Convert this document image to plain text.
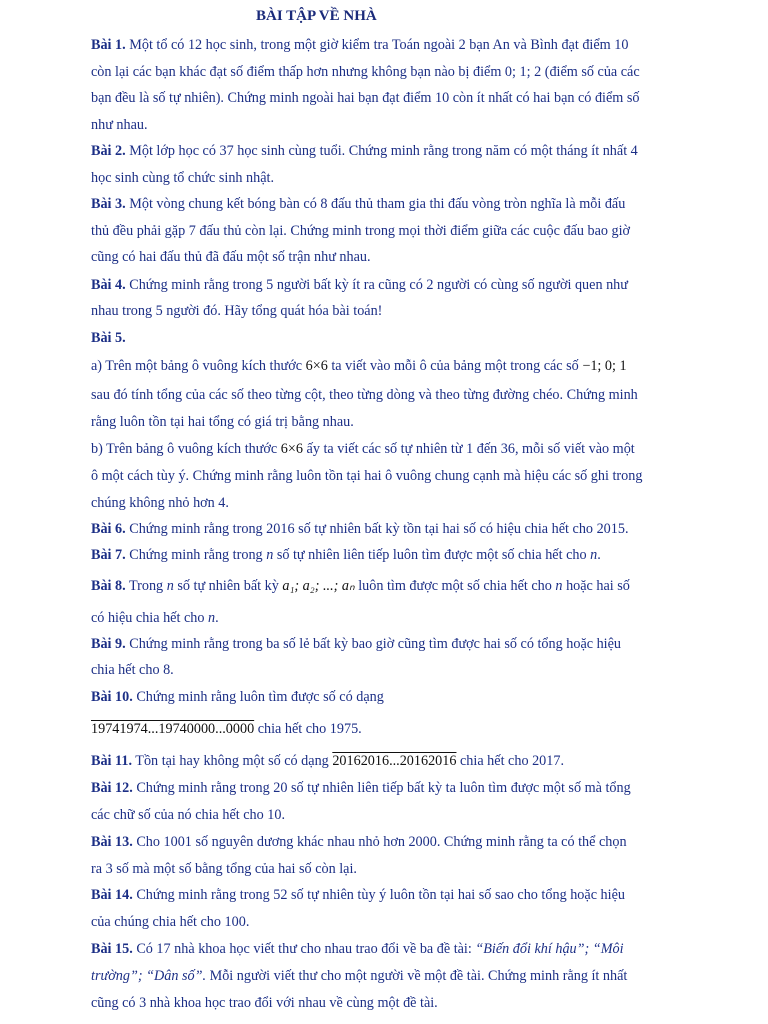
BÀI TẬP VỀ NHÀ
Bài 1. Một tổ có 12 học sinh, trong một giờ kiểm tra Toán ngoài 2 bạn An và Bình đạt điểm 10
còn lại các bạn khác đạt số điểm thấp hơn nhưng không bạn nào bị điểm 0; 1; 2 (điểm số của các
bạn đều là số tự nhiên). Chứng minh ngoài hai bạn đạt điểm 10 còn ít nhất có hai bạn có điểm số
như nhau.
Bài 2. Một lớp học có 37 học sinh cùng tuổi. Chứng minh rằng trong năm có một tháng ít nhất 4
học sinh cùng tổ chức sinh nhật.
Bài 3. Một vòng chung kết bóng bàn có 8 đấu thủ tham gia thi đấu vòng tròn nghĩa là mỗi đấu
thủ đều phải gặp 7 đấu thủ còn lại. Chứng minh trong mọi thời điểm giữa các cuộc đấu bao giờ
cũng có hai đấu thủ đã đấu một số trận như nhau.
Bài 4. Chứng minh rằng trong 5 người bất kỳ ít ra cũng có 2 người có cùng số người quen như
nhau trong 5 người đó. Hãy tổng quát hóa bài toán!
Bài 5.
a) Trên một bảng ô vuông kích thước 6×6 ta viết vào mỗi ô của bảng một trong các số −1; 0; 1
sau đó tính tổng của các số theo từng cột, theo từng dòng và theo từng đường chéo. Chứng minh
rằng luôn tồn tại hai tổng có giá trị bằng nhau.
b) Trên bảng ô vuông kích thước 6×6 ấy ta viết các số tự nhiên từ 1 đến 36, mỗi số viết vào một
ô một cách tùy ý. Chứng minh rằng luôn tồn tại hai ô vuông chung cạnh mà hiệu các số ghi trong
chúng không nhỏ hơn 4.
Bài 6. Chứng minh rằng trong 2016 số tự nhiên bất kỳ tồn tại hai số có hiệu chia hết cho 2015.
Bài 7. Chứng minh rằng trong n số tự nhiên liên tiếp luôn tìm được một số chia hết cho n.
Bài 8. Trong n số tự nhiên bất kỳ a₁; a₂; ...; aₙ luôn tìm được một số chia hết cho n hoặc hai số
có hiệu chia hết cho n.
Bài 9. Chứng minh rằng trong ba số lẻ bất kỳ bao giờ cũng tìm được hai số có tổng hoặc hiệu
chia hết cho 8.
Bài 10. Chứng minh rằng luôn tìm được số có dạng
19741974...19740000...0000 chia hết cho 1975.
Bài 11. Tồn tại hay không một số có dạng 20162016...20162016 chia hết cho 2017.
Bài 12. Chứng minh rằng trong 20 số tự nhiên liên tiếp bất kỳ ta luôn tìm được một số mà tổng
các chữ số của nó chia hết cho 10.
Bài 13. Cho 1001 số nguyên dương khác nhau nhỏ hơn 2000. Chứng minh rằng ta có thể chọn
ra 3 số mà một số bằng tổng của hai số còn lại.
Bài 14. Chứng minh rằng trong 52 số tự nhiên tùy ý luôn tồn tại hai số sao cho tổng hoặc hiệu
của chúng chia hết cho 100.
Bài 15. Có 17 nhà khoa học viết thư cho nhau trao đổi về ba đề tài: “Biến đổi khí hậu”; “Môi
trường”; “Dân số”. Mỗi người viết thư cho một người về một đề tài. Chứng minh rằng ít nhất
cũng có 3 nhà khoa học trao đổi với nhau về cùng một đề tài.
